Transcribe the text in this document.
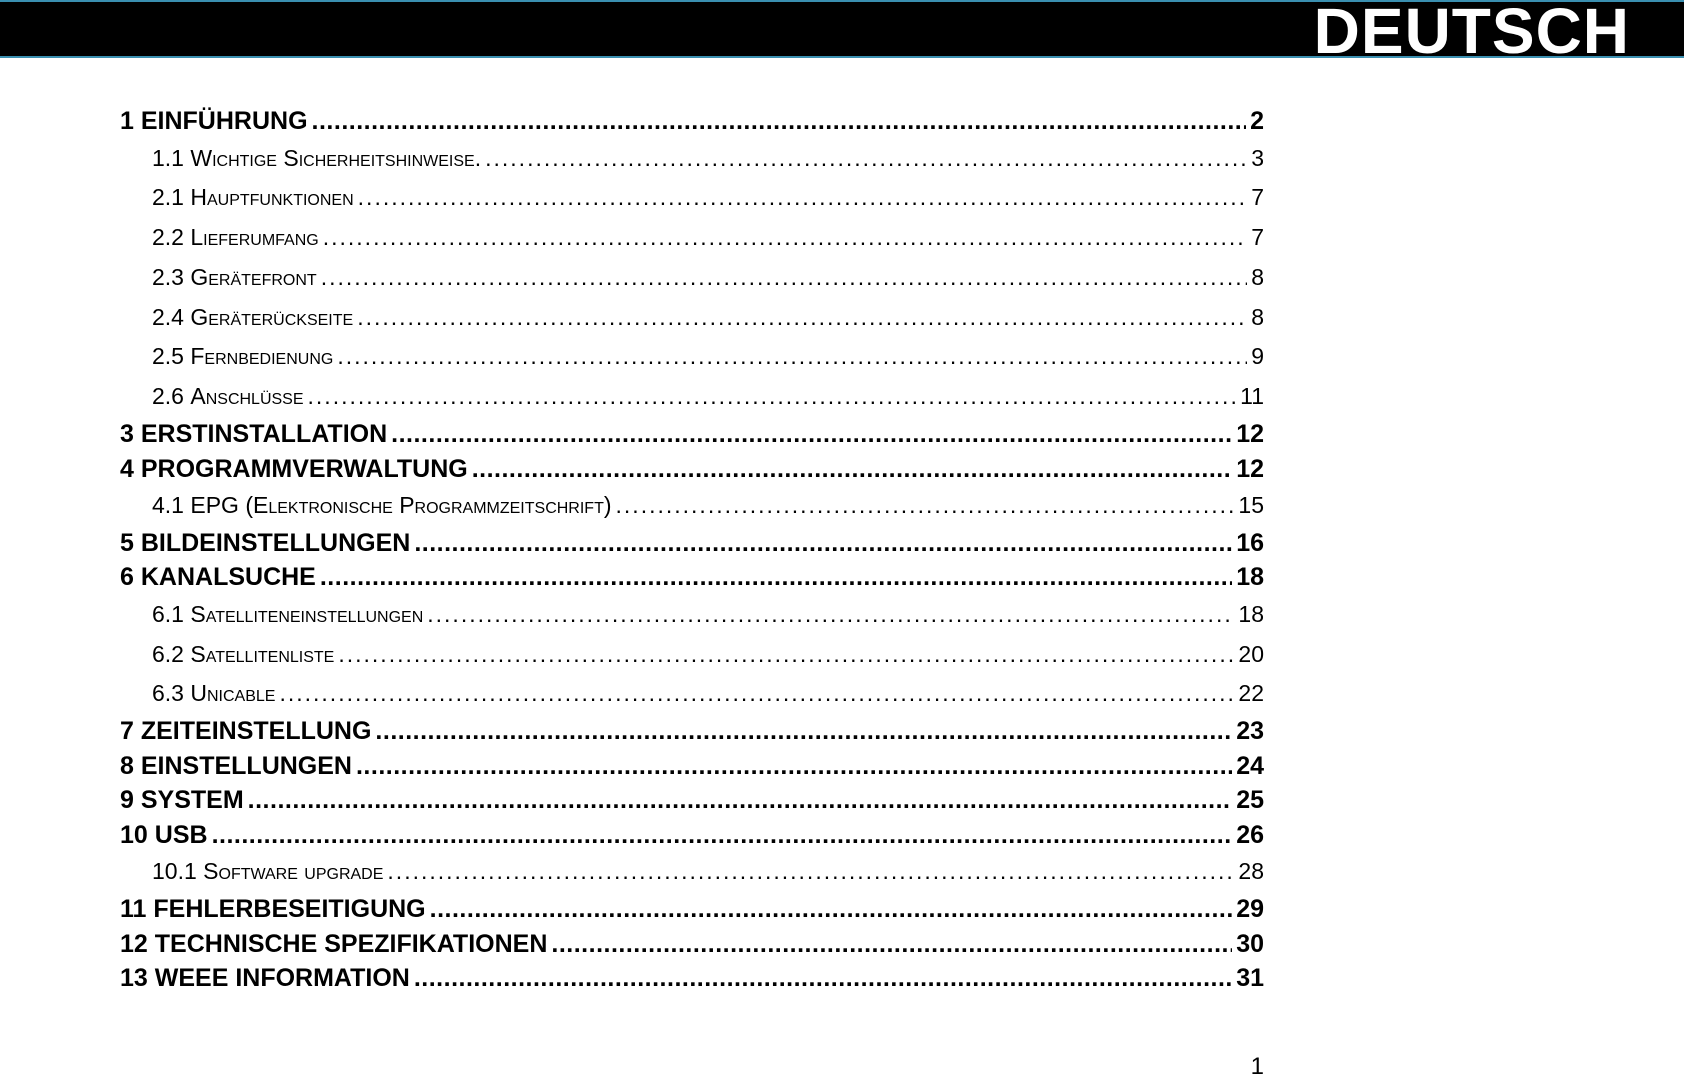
DEUTSCH
1 EINFÜHRUNG .....	2
1.1 Wichtige Sicherheitshinweise. .....	3
2.1 Hauptfunktionen .....	7
2.2 Lieferumfang .....	7
2.3 Gerätefront .....	8
2.4 Geräterückseite .....	8
2.5 Fernbedienung .....	9
2.6 Anschlüsse .....	11
3 ERSTINSTALLATION .....	12
4 PROGRAMMVERWALTUNG .....	12
4.1 EPG (Elektronische Programmzeitschrift) .....	15
5 BILDEINSTELLUNGEN .....	16
6 KANALSUCHE .....	18
6.1 Satelliteneinstellungen .....	18
6.2 Satellitenliste .....	20
6.3 Unicable .....	22
7 ZEITEINSTELLUNG .....	23
8 EINSTELLUNGEN .....	24
9 SYSTEM .....	25
10 USB .....	26
10.1 Software upgrade .....	28
11 FEHLERBESEITIGUNG .....	29
12 TECHNISCHE SPEZIFIKATIONEN .....	30
13 WEEE INFORMATION .....	31
1
